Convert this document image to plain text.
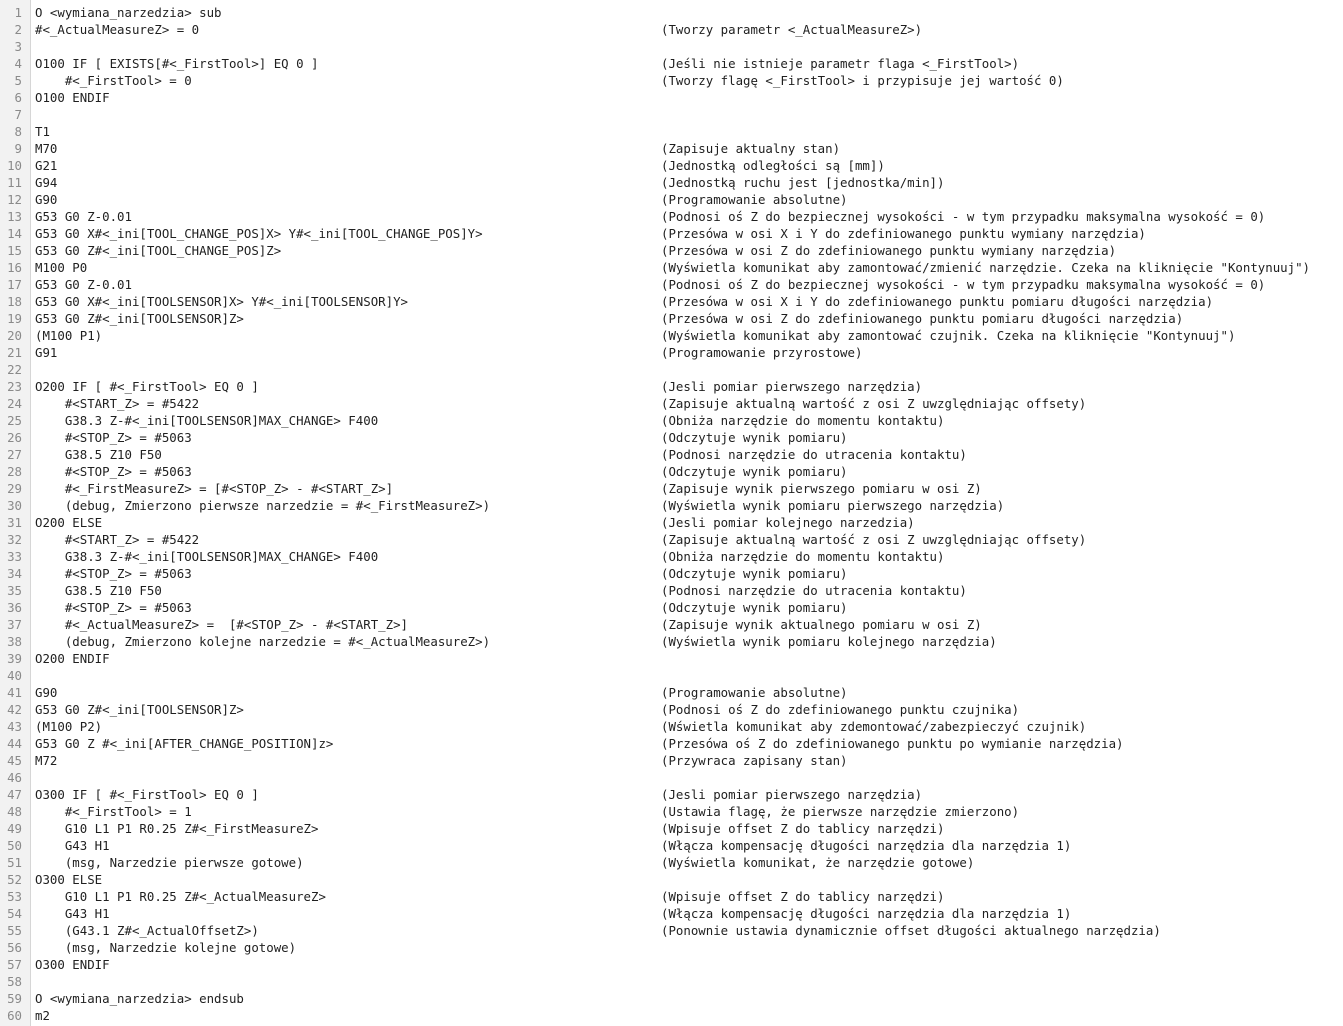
1 O <wymiana_narzedzia> sub
2 #<_ActualMeasureZ> = 0	(Tworzy parametr <_ActualMeasureZ>)
3
4 O100 IF [ EXISTS[#<_FirstTool>] EQ 0 ]	(Jeśli nie istnieje parametr flaga <_FirstTool>)
5 #<_FirstTool> = 0	(Tworzy flagę <_FirstTool> i przypisuje jej wartość 0)
6 O100 ENDIF
7
8 T1
9 M70	(Zapisuje aktualny stan)
10 G21	(Jednostką odległości są [mm])
11 G94	(Jednostką ruchu jest [jednostka/min])
12 G90	(Programowanie absolutne)
13 G53 G0 Z-0.01	(Podnosi oś Z do bezpiecznej wysokości - w tym przypadku maksymalna wysokość = 0)
14 G53 G0 X#<_ini[TOOL_CHANGE_POS]X> Y#<_ini[TOOL_CHANGE_POS]Y>	(Przesówa w osi X i Y do zdefiniowanego punktu wymiany narzędzia)
15 G53 G0 Z#<_ini[TOOL_CHANGE_POS]Z>	(Przesówa w osi Z do zdefiniowanego punktu wymiany narzędzia)
16 M100 P0	(Wyświetla komunikat aby zamontować/zmienić narzędzie. Czeka na kliknięcie "Kontynuuj")
17 G53 G0 Z-0.01	(Podnosi oś Z do bezpiecznej wysokości - w tym przypadku maksymalna wysokość = 0)
18 G53 G0 X#<_ini[TOOLSENSOR]X> Y#<_ini[TOOLSENSOR]Y>	(Przesówa w osi X i Y do zdefiniowanego punktu pomiaru długości narzędzia)
19 G53 G0 Z#<_ini[TOOLSENSOR]Z>	(Przesówa w osi Z do zdefiniowanego punktu pomiaru długości narzędzia)
20 (M100 P1)	(Wyświetla komunikat aby zamontować czujnik. Czeka na kliknięcie "Kontynuuj")
21 G91	(Programowanie przyrostowe)
22
23 O200 IF [ #<_FirstTool> EQ 0 ]	(Jesli pomiar pierwszego narzędzia)
24 #<START_Z> = #5422	(Zapisuje aktualną wartość z osi Z uwzględniając offsety)
25 G38.3 Z-#<_ini[TOOLSENSOR]MAX_CHANGE> F400	(Obniża narzędzie do momentu kontaktu)
26 #<STOP_Z> = #5063	(Odczytuje wynik pomiaru)
27 G38.5 Z10 F50	(Podnosi narzędzie do utracenia kontaktu)
28 #<STOP_Z> = #5063	(Odczytuje wynik pomiaru)
29 #<_FirstMeasureZ> = [#<STOP_Z> - #<START_Z>]	(Zapisuje wynik pierwszego pomiaru w osi Z)
30 (debug, Zmierzono pierwsze narzedzie = #<_FirstMeasureZ>)	(Wyświetla wynik pomiaru pierwszego narzędzia)
31 O200 ELSE	(Jesli pomiar kolejnego narzedzia)
32 #<START_Z> = #5422	(Zapisuje aktualną wartość z osi Z uwzględniając offsety)
33 G38.3 Z-#<_ini[TOOLSENSOR]MAX_CHANGE> F400	(Obniża narzędzie do momentu kontaktu)
34 #<STOP_Z> = #5063	(Odczytuje wynik pomiaru)
35 G38.5 Z10 F50	(Podnosi narzędzie do utracenia kontaktu)
36 #<STOP_Z> = #5063	(Odczytuje wynik pomiaru)
37 #<_ActualMeasureZ> =  [#<STOP_Z> - #<START_Z>]	(Zapisuje wynik aktualnego pomiaru w osi Z)
38 (debug, Zmierzono kolejne narzedzie = #<_ActualMeasureZ>)	(Wyświetla wynik pomiaru kolejnego narzędzia)
39 O200 ENDIF
40
41 G90	(Programowanie absolutne)
42 G53 G0 Z#<_ini[TOOLSENSOR]Z>	(Podnosi oś Z do zdefiniowanego punktu czujnika)
43 (M100 P2)	(Wświetla komunikat aby zdemontować/zabezpieczyć czujnik)
44 G53 G0 Z #<_ini[AFTER_CHANGE_POSITION]z>	(Przesówa oś Z do zdefiniowanego punktu po wymianie narzędzia)
45 M72	(Przywraca zapisany stan)
46
47 O300 IF [ #<_FirstTool> EQ 0 ]	(Jesli pomiar pierwszego narzędzia)
48 #<_FirstTool> = 1	(Ustawia flagę, że pierwsze narzędzie zmierzono)
49 G10 L1 P1 R0.25 Z#<_FirstMeasureZ>	(Wpisuje offset Z do tablicy narzędzi)
50 G43 H1	(Włącza kompensację długości narzędzia dla narzędzia 1)
51 (msg, Narzedzie pierwsze gotowe)	(Wyświetla komunikat, że narzędzie gotowe)
52 O300 ELSE
53 G10 L1 P1 R0.25 Z#<_ActualMeasureZ>	(Wpisuje offset Z do tablicy narzędzi)
54 G43 H1	(Włącza kompensację długości narzędzia dla narzędzia 1)
55 (G43.1 Z#<_ActualOffsetZ>)	(Ponownie ustawia dynamicznie offset długości aktualnego narzędzia)
56 (msg, Narzedzie kolejne gotowe)
57 O300 ENDIF
58
59 O <wymiana_narzedzia> endsub
60 m2
